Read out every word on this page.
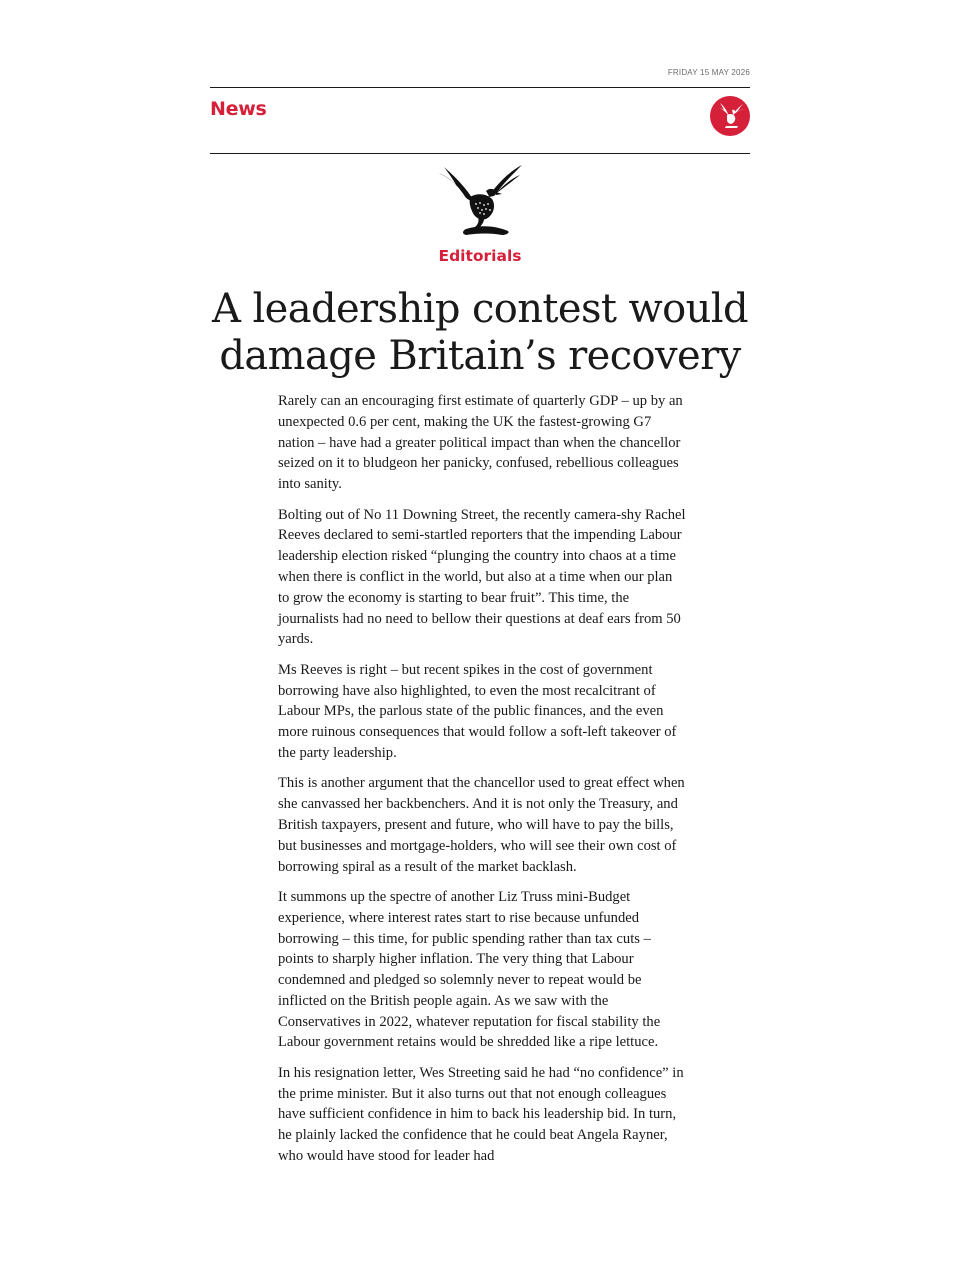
FRIDAY 15 MAY 2026
News
Editorials
A leadership contest would
damage Britain’s recovery

Rarely can an encouraging first estimate of quarterly GDP – up by an unexpected 0.6 per cent, making the UK the fastest-growing G7 nation – have had a greater political impact than when the chancellor seized on it to bludgeon her panicky, confused, rebellious colleagues into sanity.

Bolting out of No 11 Downing Street, the recently camera-shy Rachel Reeves declared to semi-startled reporters that the impending Labour leadership election risked “plunging the country into chaos at a time when there is conflict in the world, but also at a time when our plan to grow the economy is starting to bear fruit”. This time, the journalists had no need to bellow their questions at deaf ears from 50 yards.

Ms Reeves is right – but recent spikes in the cost of government borrowing have also highlighted, to even the most recalcitrant of Labour MPs, the parlous state of the public finances, and the even more ruinous consequences that would follow a soft-left takeover of the party leadership.

This is another argument that the chancellor used to great effect when she canvassed her backbenchers. And it is not only the Treasury, and British taxpayers, present and future, who will have to pay the bills, but businesses and mortgage-holders, who will see their own cost of borrowing spiral as a result of the market backlash.

It summons up the spectre of another Liz Truss mini-Budget experience, where interest rates start to rise because unfunded borrowing – this time, for public spending rather than tax cuts – points to sharply higher inflation. The very thing that Labour condemned and pledged so solemnly never to repeat would be inflicted on the British people again. As we saw with the Conservatives in 2022, whatever reputation for fiscal stability the Labour government retains would be shredded like a ripe lettuce.

In his resignation letter, Wes Streeting said he had “no confidence” in the prime minister. But it also turns out that not enough colleagues have sufficient confidence in him to back his leadership bid. In turn, he plainly lacked the confidence that he could beat Angela Rayner, who would have stood for leader had
